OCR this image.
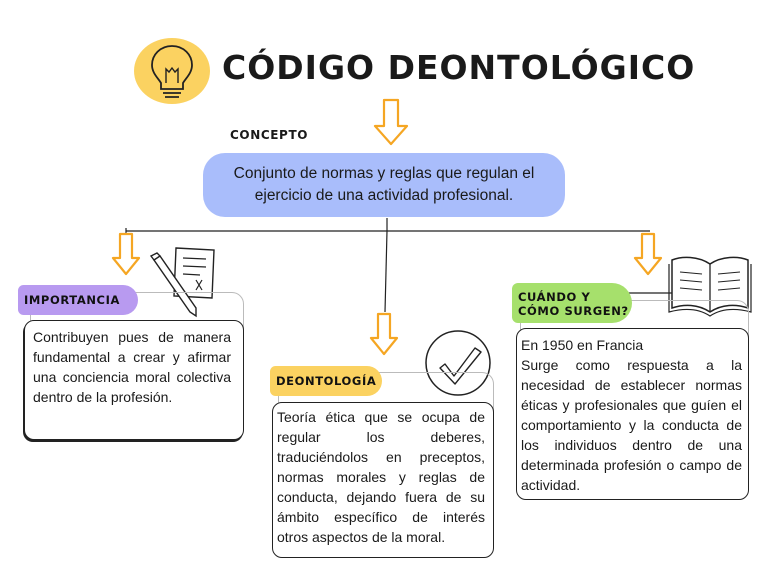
CÓDIGO DEONTOLÓGICO
CONCEPTO
Conjunto de normas y reglas que regulan el ejercicio de una actividad profesional.
IMPORTANCIA

Contribuyen pues de manera fundamental a crear y afirmar una conciencia moral colectiva dentro de la profesión.

DEONTOLOGÍA

Teoría ética que se ocupa de regular los deberes, traduciéndolos en preceptos, normas morales y reglas de conducta, dejando fuera de su ámbito específico de interés otros aspectos de la moral.

CUÁNDO Y CÓMO SURGEN?

En 1950 en Francia

Surge como respuesta a la necesidad de establecer normas éticas y profesionales que guíen el comportamiento y la conducta de los individuos dentro de una determinada profesión o campo de actividad.
